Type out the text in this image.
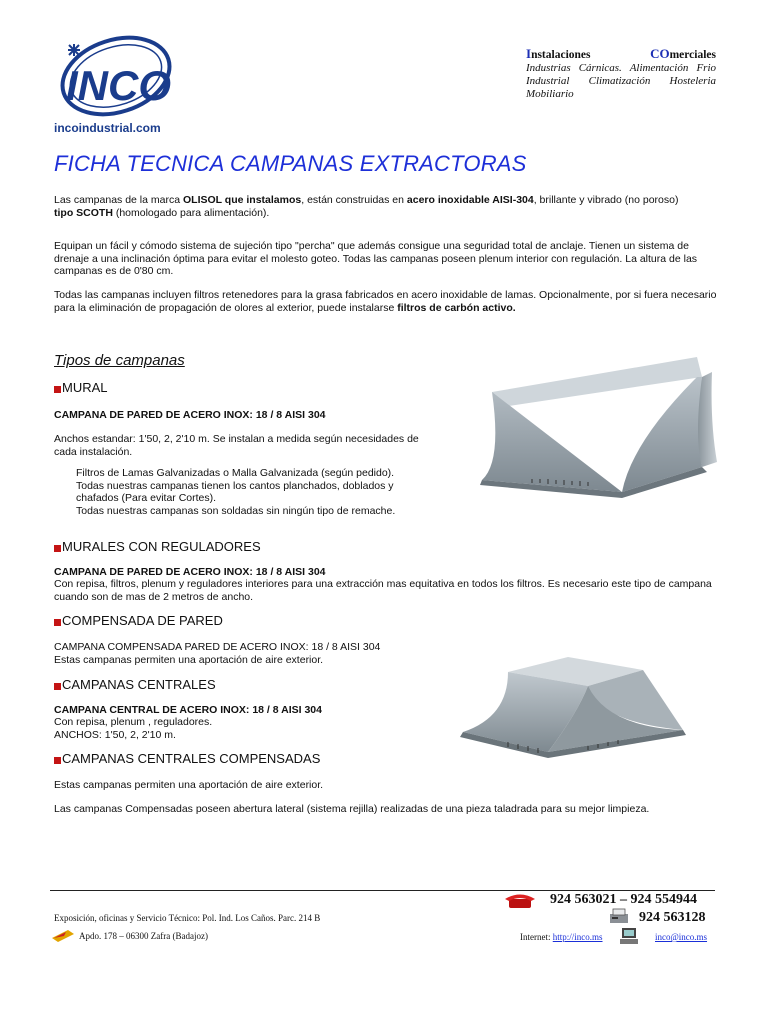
INCO
incoindustrial.com
Instalaciones	COmerciales
Industrias Cárnicas. Alimentación Frio
Industrial Climatización Hosteleria
Mobiliario
FICHA TECNICA CAMPANAS EXTRACTORAS
Las campanas de la marca OLISOL que instalamos, están construidas en acero inoxidable AISI-304, brillante y vibrado (no poroso)
tipo SCOTH (homologado para alimentación).
Equipan un fácil y cómodo sistema de sujeción tipo "percha" que además consigue una seguridad total de anclaje. Tienen un sistema de drenaje a una inclinación óptima para evitar el molesto goteo. Todas las campanas poseen plenum interior con regulación. La altura de las campanas es de 0'80 cm.
Todas las campanas incluyen filtros retenedores para la grasa fabricados en acero inoxidable de lamas. Opcionalmente, por si fuera necesario para la eliminación de propagación de olores al exterior, puede instalarse filtros de carbón activo.
Tipos de campanas
MURAL
CAMPANA DE PARED DE ACERO INOX: 18 / 8 AISI 304
Anchos estandar: 1'50, 2, 2'10 m. Se instalan a medida según necesidades de cada instalación.
Filtros de Lamas Galvanizadas o Malla Galvanizada (según pedido).
Todas nuestras campanas tienen los cantos planchados, doblados y chafados (Para evitar Cortes).
Todas nuestras campanas son soldadas sin ningún tipo de remache.
MURALES CON REGULADORES
CAMPANA DE PARED DE ACERO INOX: 18 / 8 AISI 304
Con repisa, filtros, plenum y reguladores interiores para una extracción mas equitativa en todos los filtros. Es necesario este tipo de campana cuando son de mas de 2 metros de ancho.
COMPENSADA DE PARED
CAMPANA COMPENSADA PARED DE ACERO INOX: 18 / 8 AISI 304
Estas campanas permiten una aportación de aire exterior.
CAMPANAS CENTRALES
CAMPANA CENTRAL DE ACERO INOX: 18 / 8 AISI 304
Con repisa, plenum , reguladores.
ANCHOS: 1'50, 2, 2'10 m.
CAMPANAS CENTRALES COMPENSADAS
Estas campanas permiten una aportación de aire exterior.
Las campanas Compensadas poseen abertura lateral (sistema rejilla) realizadas de una pieza taladrada para su mejor limpieza.
924 563021 – 924 554944
924 563128
Exposición, oficinas y Servicio Técnico: Pol. Ind. Los Caños. Parc. 214 B
Apdo. 178 – 06300 Zafra (Badajoz)	Internet: http://inco.ms	inco@inco.ms
